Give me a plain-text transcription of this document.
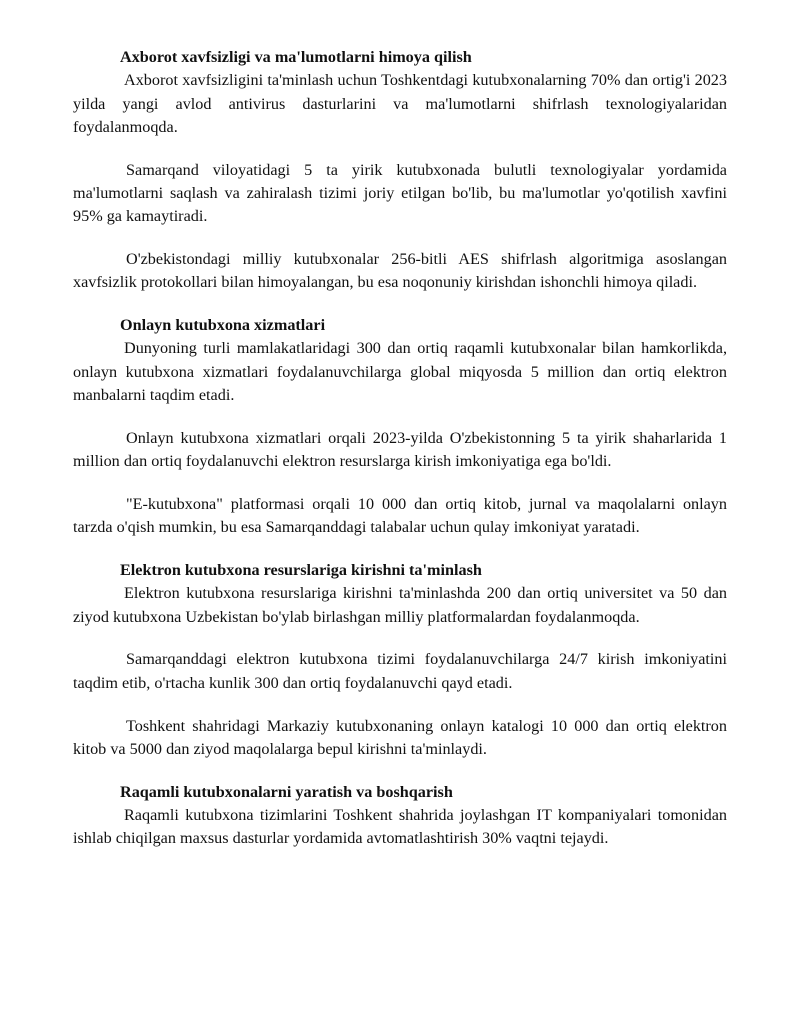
Axborot xavfsizligi va ma'lumotlarni himoya qilish

Axborot xavfsizligini ta'minlash uchun Toshkentdagi kutubxonalarning 70% dan ortig'i 2023 yilda yangi avlod antivirus dasturlarini va ma'lumotlarni shifrlash texnologiyalaridan foydalanmoqda.

Samarqand viloyatidagi 5 ta yirik kutubxonada bulutli texnologiyalar yordamida ma'lumotlarni saqlash va zahiralash tizimi joriy etilgan bo'lib, bu ma'lumotlar yo'qotilish xavfini 95% ga kamaytiradi.

O'zbekistondagi milliy kutubxonalar 256-bitli AES shifrlash algoritmiga asoslangan xavfsizlik protokollari bilan himoyalangan, bu esa noqonuniy kirishdan ishonchli himoya qiladi.

Onlayn kutubxona xizmatlari

Dunyoning turli mamlakatlaridagi 300 dan ortiq raqamli kutubxonalar bilan hamkorlikda, onlayn kutubxona xizmatlari foydalanuvchilarga global miqyosda 5 million dan ortiq elektron manbalarni taqdim etadi.

Onlayn kutubxona xizmatlari orqali 2023-yilda O'zbekistonning 5 ta yirik shaharlarida 1 million dan ortiq foydalanuvchi elektron resurslarga kirish imkoniyatiga ega bo'ldi.

"E-kutubxona" platformasi orqali 10 000 dan ortiq kitob, jurnal va maqolalarni onlayn tarzda o'qish mumkin, bu esa Samarqanddagi talabalar uchun qulay imkoniyat yaratadi.

Elektron kutubxona resurslariga kirishni ta'minlash

Elektron kutubxona resurslariga kirishni ta'minlashda 200 dan ortiq universitet va 50 dan ziyod kutubxona Uzbekistan bo'ylab birlashgan milliy platformalardan foydalanmoqda.

Samarqanddagi elektron kutubxona tizimi foydalanuvchilarga 24/7 kirish imkoniyatini taqdim etib, o'rtacha kunlik 300 dan ortiq foydalanuvchi qayd etadi.

Toshkent shahridagi Markaziy kutubxonaning onlayn katalogi 10 000 dan ortiq elektron kitob va 5000 dan ziyod maqolalarga bepul kirishni ta'minlaydi.

Raqamli kutubxonalarni yaratish va boshqarish

Raqamli kutubxona tizimlarini Toshkent shahrida joylashgan IT kompaniyalari tomonidan ishlab chiqilgan maxsus dasturlar yordamida avtomatlashtirish 30% vaqtni tejaydi.
